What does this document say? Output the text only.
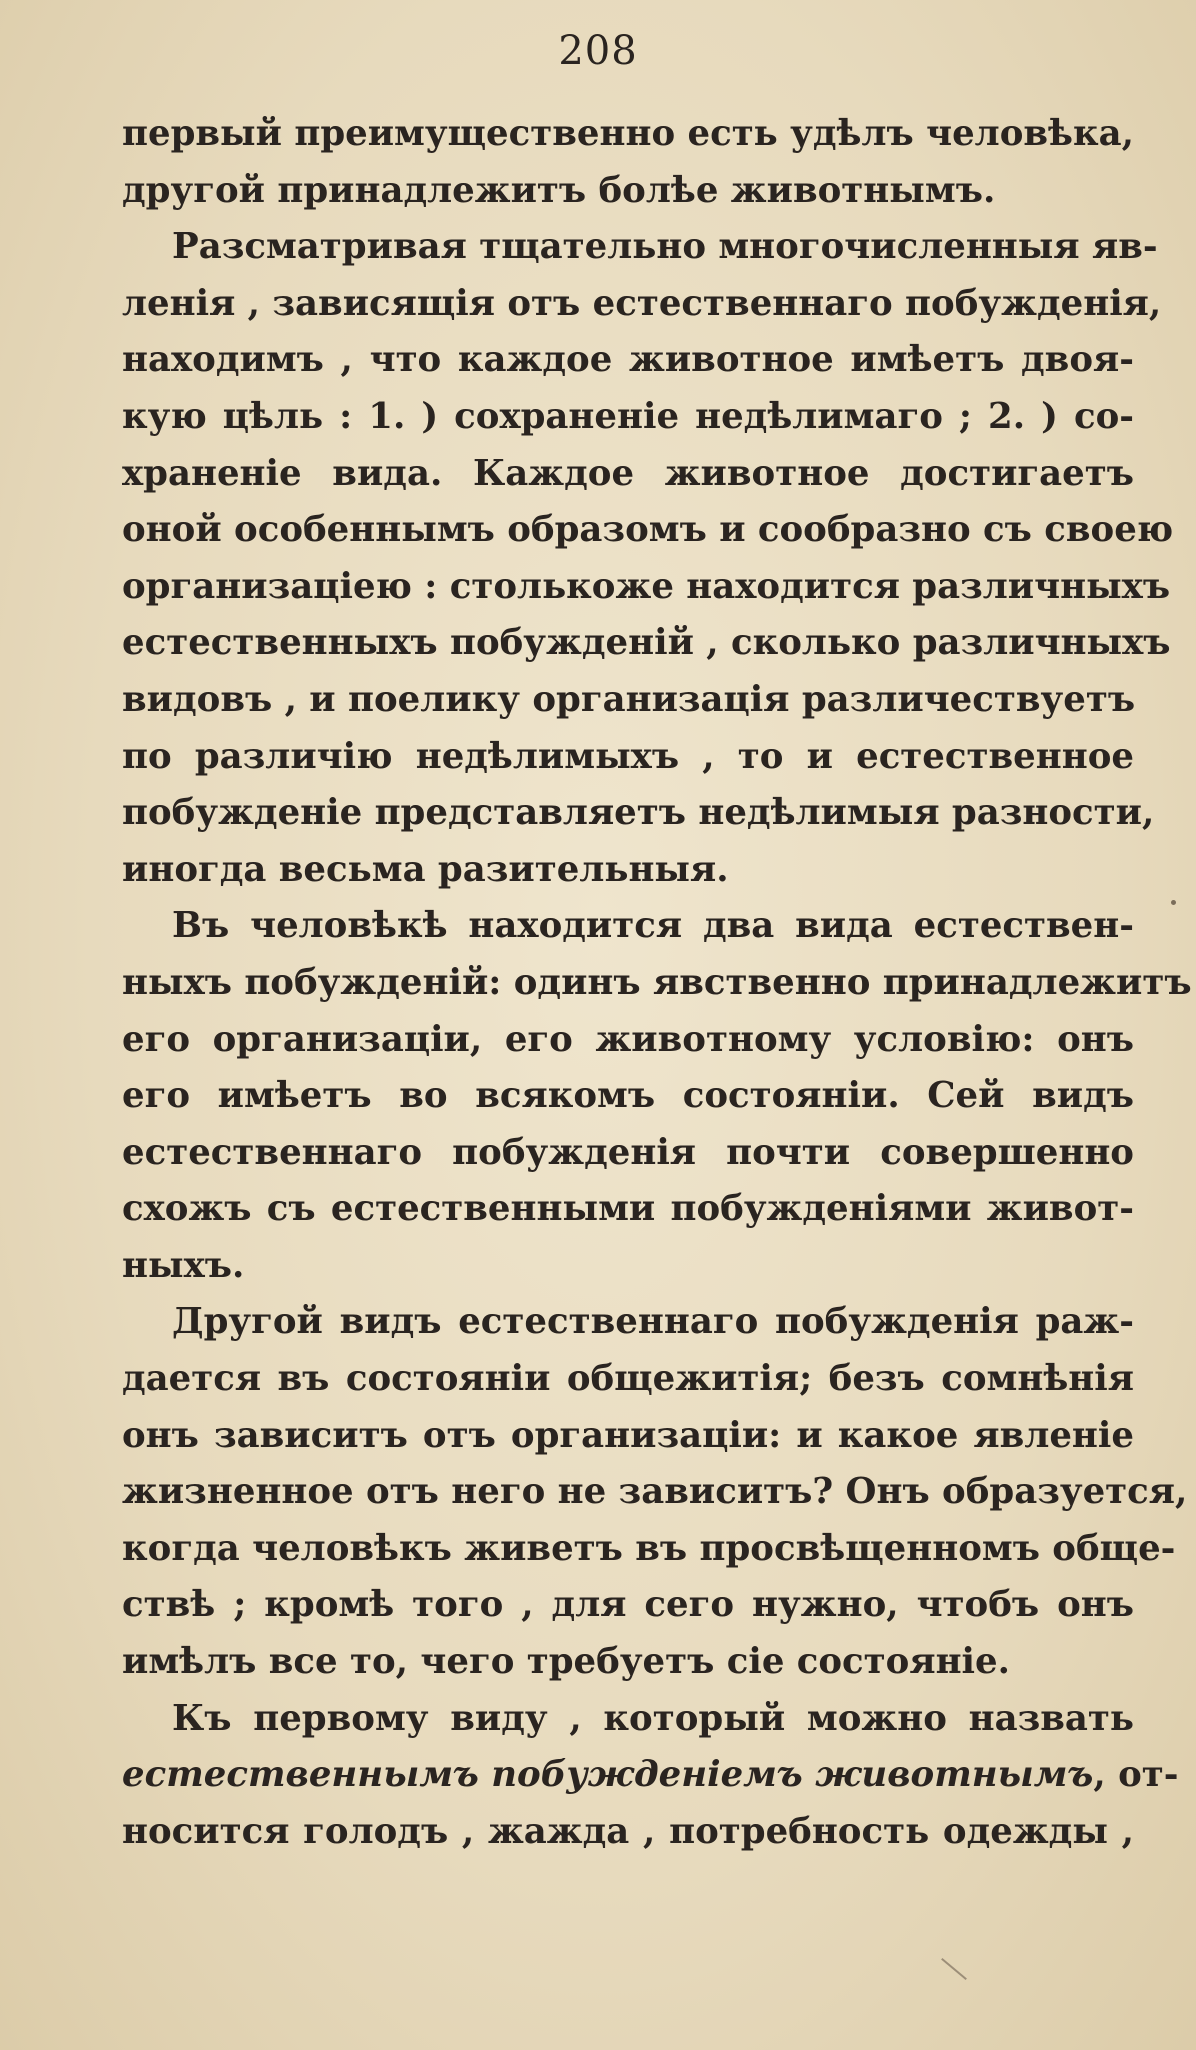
208
первый преимущественно есть удѣлъ человѣка,
другой принадлежитъ болѣе животнымъ.
Разсматривая тщательно многочисленныя яв-
ленія , зависящія отъ естественнаго побужденія,
находимъ , что каждое животное имѣетъ двоя-
кую цѣль : 1. ) сохраненіе недѣлимаго ; 2. ) со-
храненіе вида. Каждое животное достигаетъ
оной особеннымъ образомъ и сообразно съ своею
организаціею : столькоже находится различныхъ
естественныхъ побужденій , сколько различныхъ
видовъ , и поелику организація различествуетъ
по различію недѣлимыхъ , то и естественное
побужденіе представляетъ недѣлимыя разности,
иногда весьма разительныя.
Въ человѣкѣ находится два вида естествен-
ныхъ побужденій: одинъ явственно принадлежитъ
его организаціи, его животному условію: онъ
его имѣетъ во всякомъ состояніи. Сей видъ
естественнаго побужденія почти совершенно
схожъ съ естественными побужденіями живот-
ныхъ.
Другой видъ естественнаго побужденія раж-
дается въ состояніи общежитія; безъ сомнѣнія
онъ зависитъ отъ организаціи: и какое явленіе
жизненное отъ него не зависитъ? Онъ образуется,
когда человѣкъ живетъ въ просвѣщенномъ обще-
ствѣ ; кромѣ того , для сего нужно, чтобъ онъ
имѣлъ все то, чего требуетъ сіе состояніе.
Къ первому виду , который можно назвать
естественнымъ побужденіемъ животнымъ, от-
носится голодъ , жажда , потребность одежды ,
